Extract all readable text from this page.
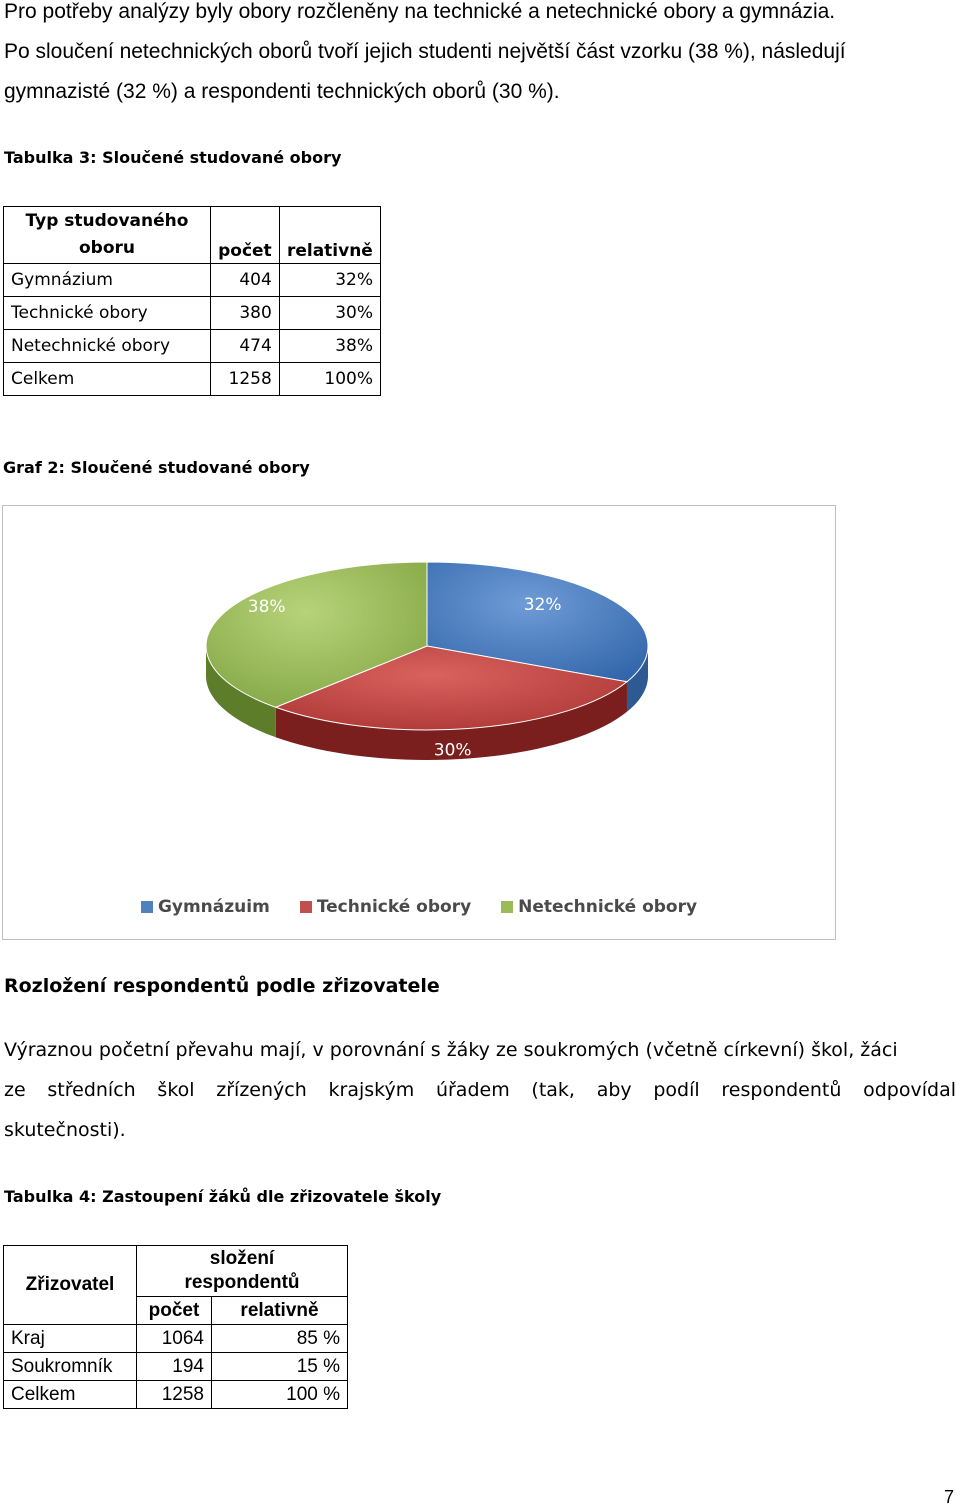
Pro potřeby analýzy byly obory rozčleněny na technické a netechnické obory a gymnázia.
Po sloučení netechnických oborů tvoří jejich studenti největší část vzorku (38 %), následují
gymnazisté (32 %) a respondenti technických oborů (30 %).
Tabulka 3: Sloučené studované obory
Typ studovaného
oboru	počet	relativně
Gymnázium	404	32%
Technické obory	380	30%
Netechnické obory	474	38%
Celkem	1258	100%
Graf 2: Sloučené studované obory
32%
30%
38%
Gymnázuim	Technické obory	Netechnické obory
Rozložení respondentů podle zřizovatele
Výraznou početní převahu mají, v porovnání s žáky ze soukromých (včetně církevní) škol, žáci
ze středních škol zřízených krajským úřadem (tak, aby podíl respondentů odpovídal
skutečnosti).
Tabulka 4: Zastoupení žáků dle zřizovatele školy
Zřizovatel	složení
respondentů	
	počet	relativně
Kraj	1064	85 %
Soukromník	194	15 %
Celkem	1258	100 %
7
